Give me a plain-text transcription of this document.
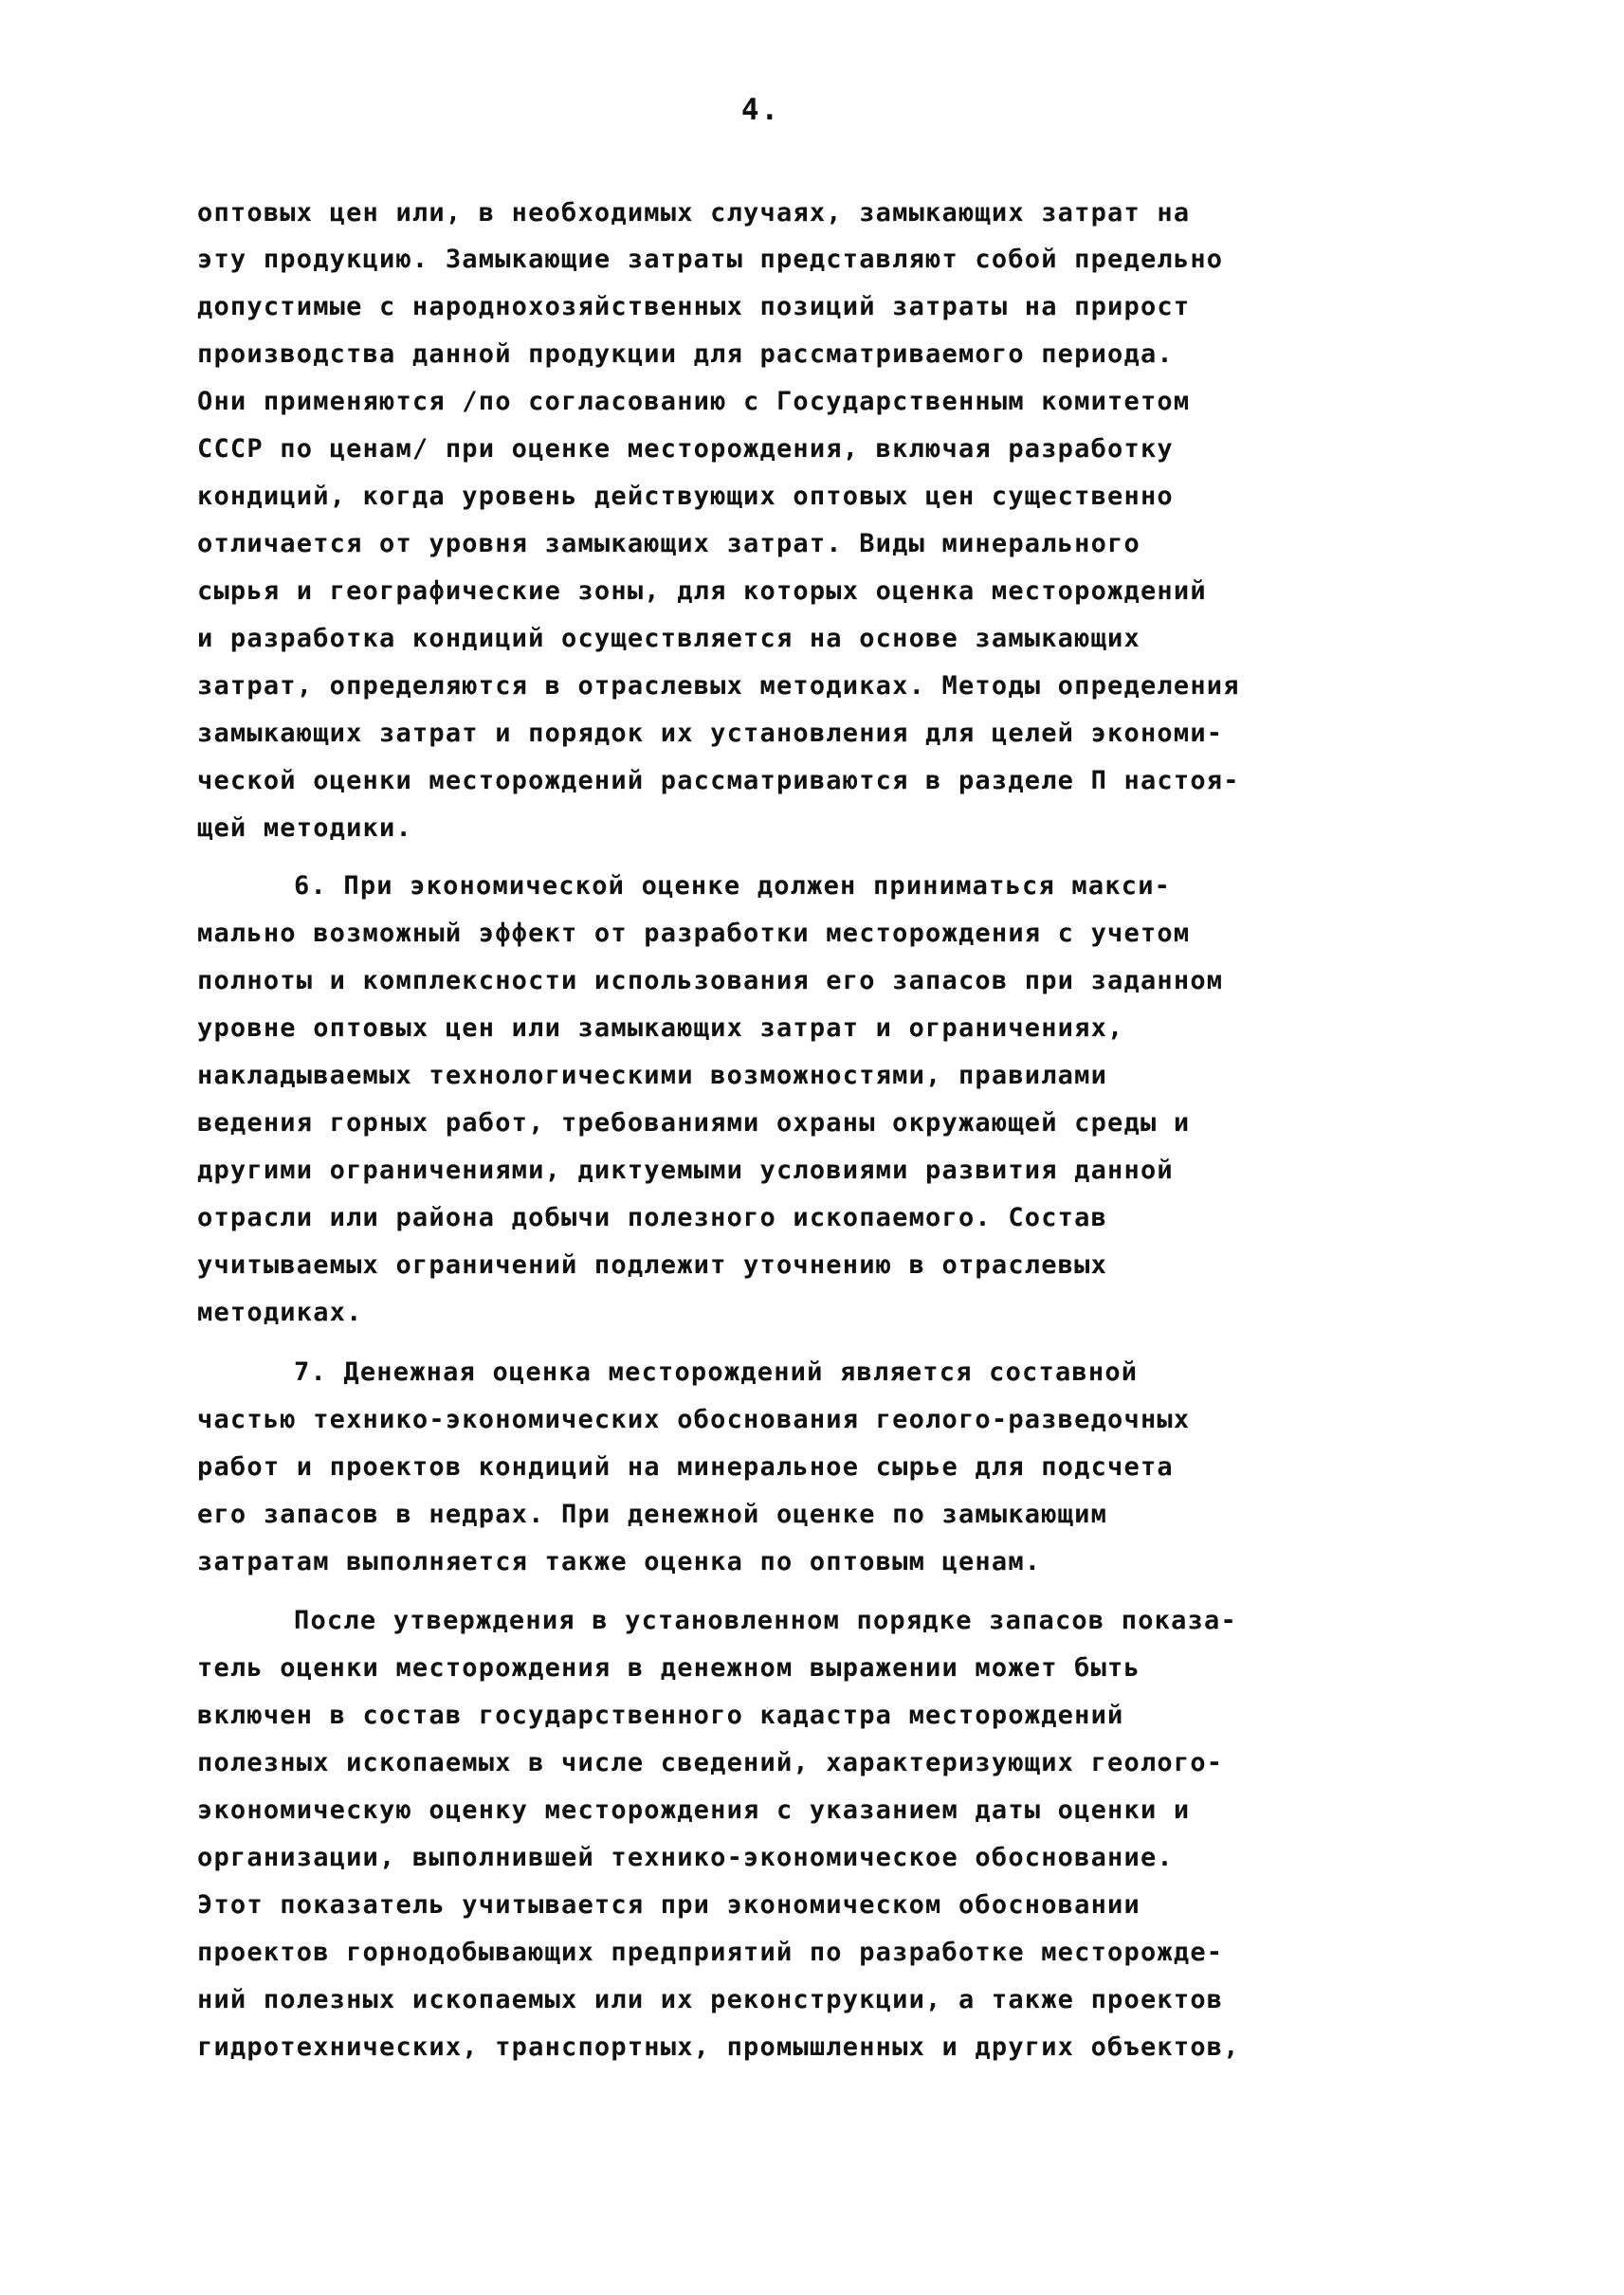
4.
оптовых цен или, в необходимых случаях, замыкающих затрат на
эту продукцию. Замыкающие затраты представляют собой предельно
допустимые с народнохозяйственных позиций затраты на прирост
производства данной продукции для рассматриваемого периода.
Они применяются /по согласованию с Государственным комитетом
СССР по ценам/ при оценке месторождения, включая разработку
кондиций, когда уровень действующих оптовых цен существенно
отличается от уровня замыкающих затрат. Виды минерального
сырья и географические зоны, для которых оценка месторождений
и разработка кондиций осуществляется на основе замыкающих
затрат, определяются в отраслевых методиках. Методы определения
замыкающих затрат и порядок их установления для целей экономи-
ческой оценки месторождений рассматриваются в разделе П настоя-
щей методики.
6. При экономической оценке должен приниматься макси-
мально возможный эффект от разработки месторождения с учетом
полноты и комплексности использования его запасов при заданном
уровне оптовых цен или замыкающих затрат и ограничениях,
накладываемых технологическими возможностями, правилами
ведения горных работ, требованиями охраны окружающей среды и
другими ограничениями, диктуемыми условиями развития данной
отрасли или района добычи полезного ископаемого. Состав
учитываемых ограничений подлежит уточнению в отраслевых
методиках.
7. Денежная оценка месторождений является составной
частью технико-экономических обоснования геолого-разведочных
работ и проектов кондиций на минеральное сырье для подсчета
его запасов в недрах. При денежной оценке по замыкающим
затратам выполняется также оценка по оптовым ценам.
После утверждения в установленном порядке запасов показа-
тель оценки месторождения в денежном выражении может быть
включен в состав государственного кадастра месторождений
полезных ископаемых в числе сведений, характеризующих геолого-
экономическую оценку месторождения с указанием даты оценки и
организации, выполнившей технико-экономическое обоснование.
Этот показатель учитывается при экономическом обосновании
проектов горнодобывающих предприятий по разработке месторожде-
ний полезных ископаемых или их реконструкции, а также проектов
гидротехнических, транспортных, промышленных и других объектов,
